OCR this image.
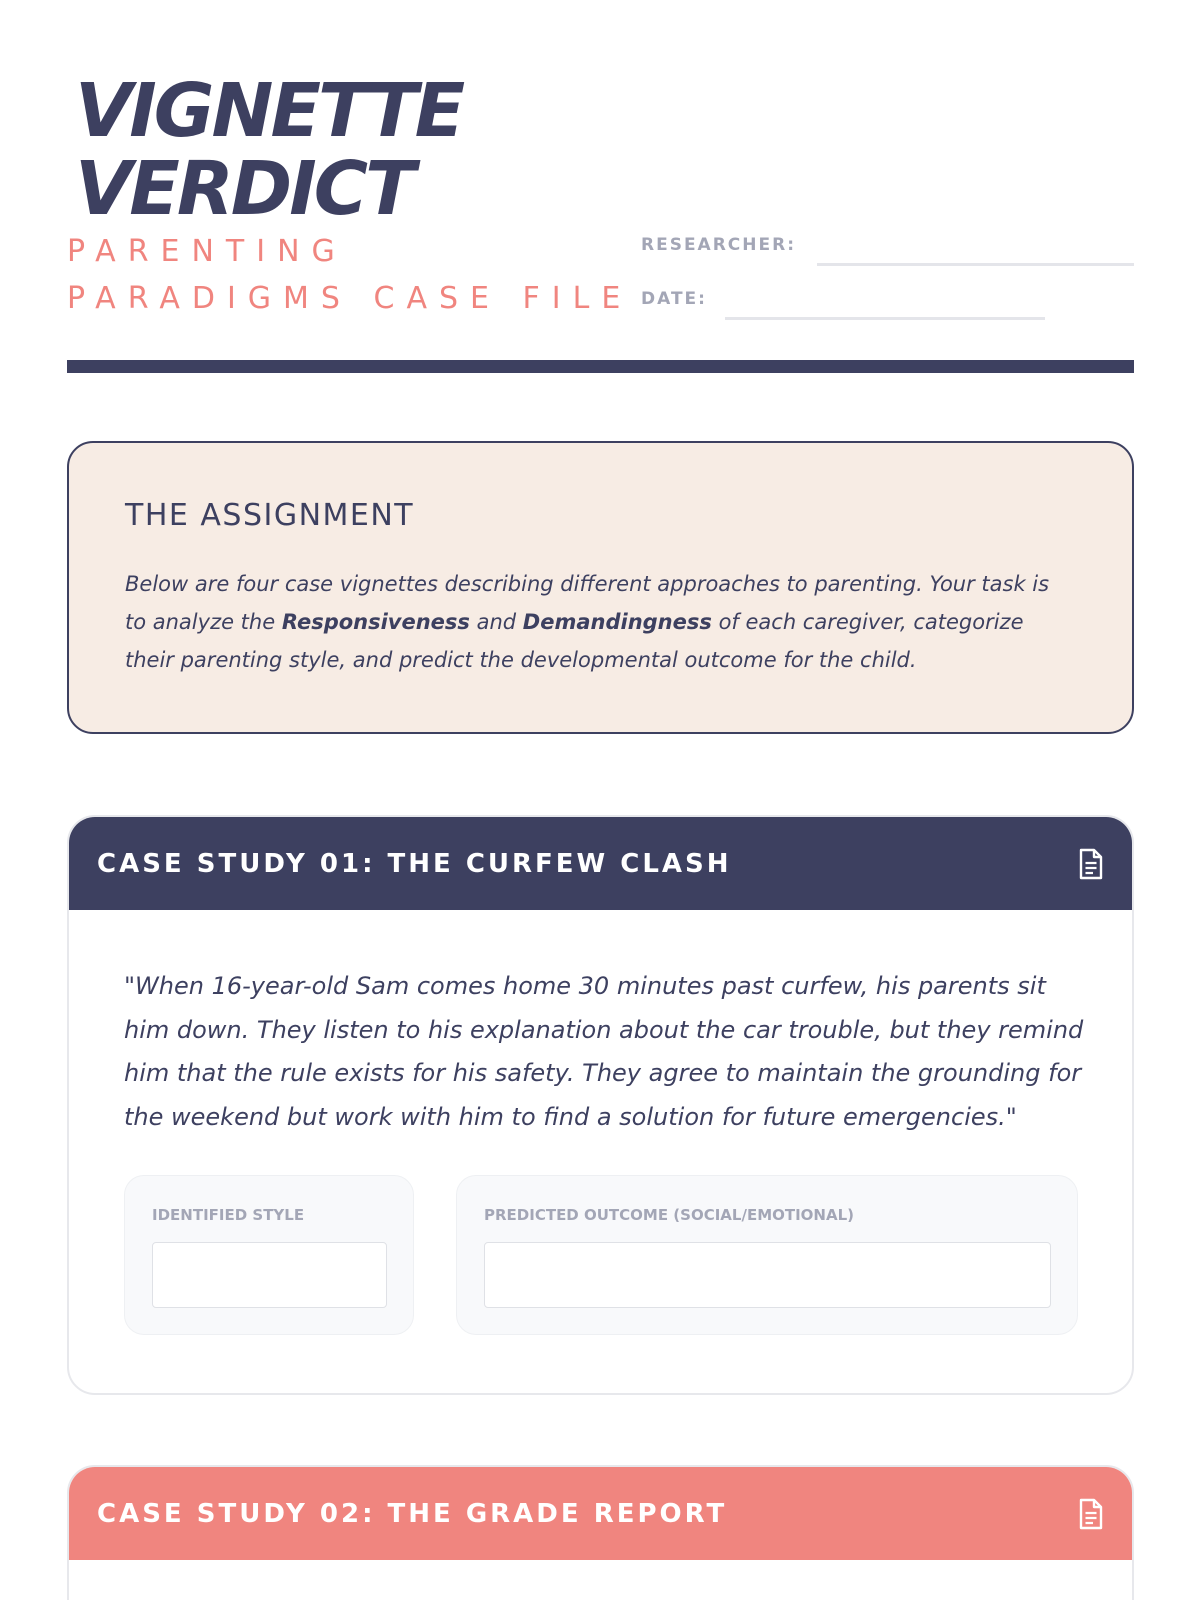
VIGNETTE
VERDICT
PARENTING PARADIGMS CASE FILE
RESEARCHER:
DATE:
THE ASSIGNMENT

Below are four case vignettes describing different approaches to parenting. Your task is to analyze the Responsiveness and Demandingness of each caregiver, categorize their parenting style, and predict the developmental outcome for the child.

CASE STUDY 01: THE CURFEW CLASH
"When 16-year-old Sam comes home 30 minutes past curfew, his parents sit him down. They listen to his explanation about the car trouble, but they remind him that the rule exists for his safety. They agree to maintain the grounding for the weekend but work with him to find a solution for future emergencies."
IDENTIFIED STYLE	PREDICTED OUTCOME (SOCIAL/EMOTIONAL)
CASE STUDY 02: THE GRADE REPORT
